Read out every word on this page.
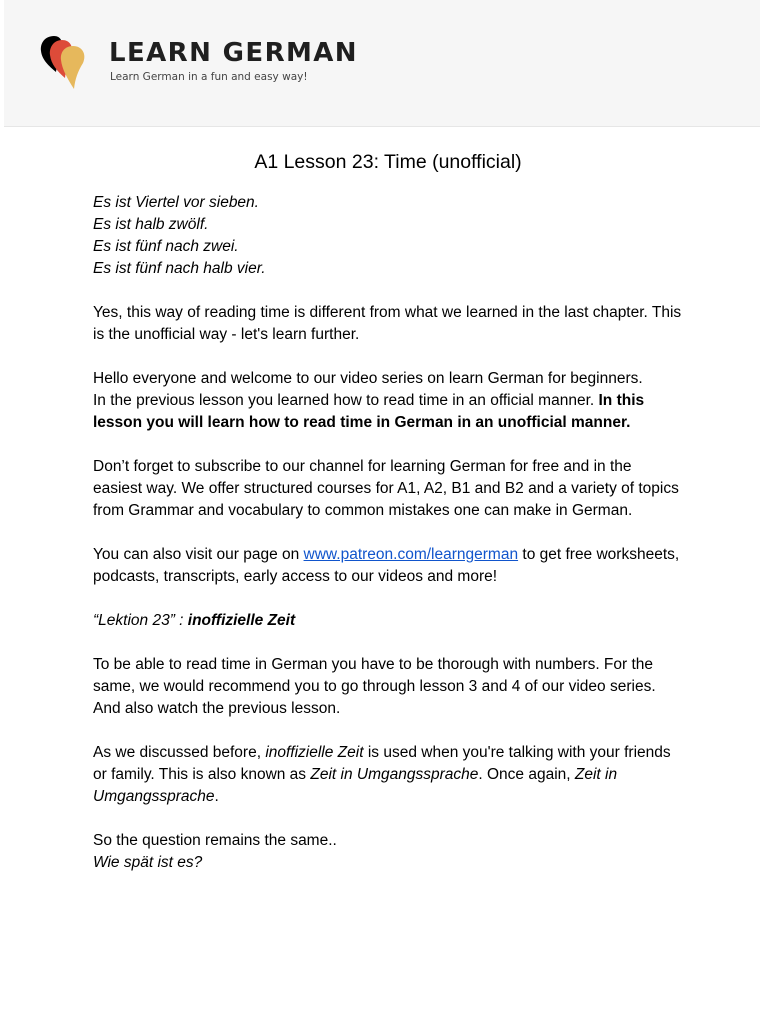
LEARN GERMAN
Learn German in a fun and easy way!
A1 Lesson 23: Time (unofficial)

Es ist Viertel vor sieben.
Es ist halb zwölf.
Es ist fünf nach zwei.
Es ist fünf nach halb vier.

Yes, this way of reading time is different from what we learned in the last chapter. This is the unofficial way - let's learn further.

Hello everyone and welcome to our video series on learn German for beginners.
In the previous lesson you learned how to read time in an official manner. In this lesson you will learn how to read time in German in an unofficial manner.

Don’t forget to subscribe to our channel for learning German for free and in the easiest way. We offer structured courses for A1, A2, B1 and B2 and a variety of topics from Grammar and vocabulary to common mistakes one can make in German.

You can also visit our page on www.patreon.com/learngerman to get free worksheets, podcasts, transcripts, early access to our videos and more!

“Lektion 23” : inoffizielle Zeit

To be able to read time in German you have to be thorough with numbers. For the same, we would recommend you to go through lesson 3 and 4 of our video series. And also watch the previous lesson.

As we discussed before, inoffizielle Zeit is used when you're talking with your friends or family. This is also known as Zeit in Umgangssprache. Once again, Zeit in Umgangssprache.

So the question remains the same..
Wie spät ist es?
